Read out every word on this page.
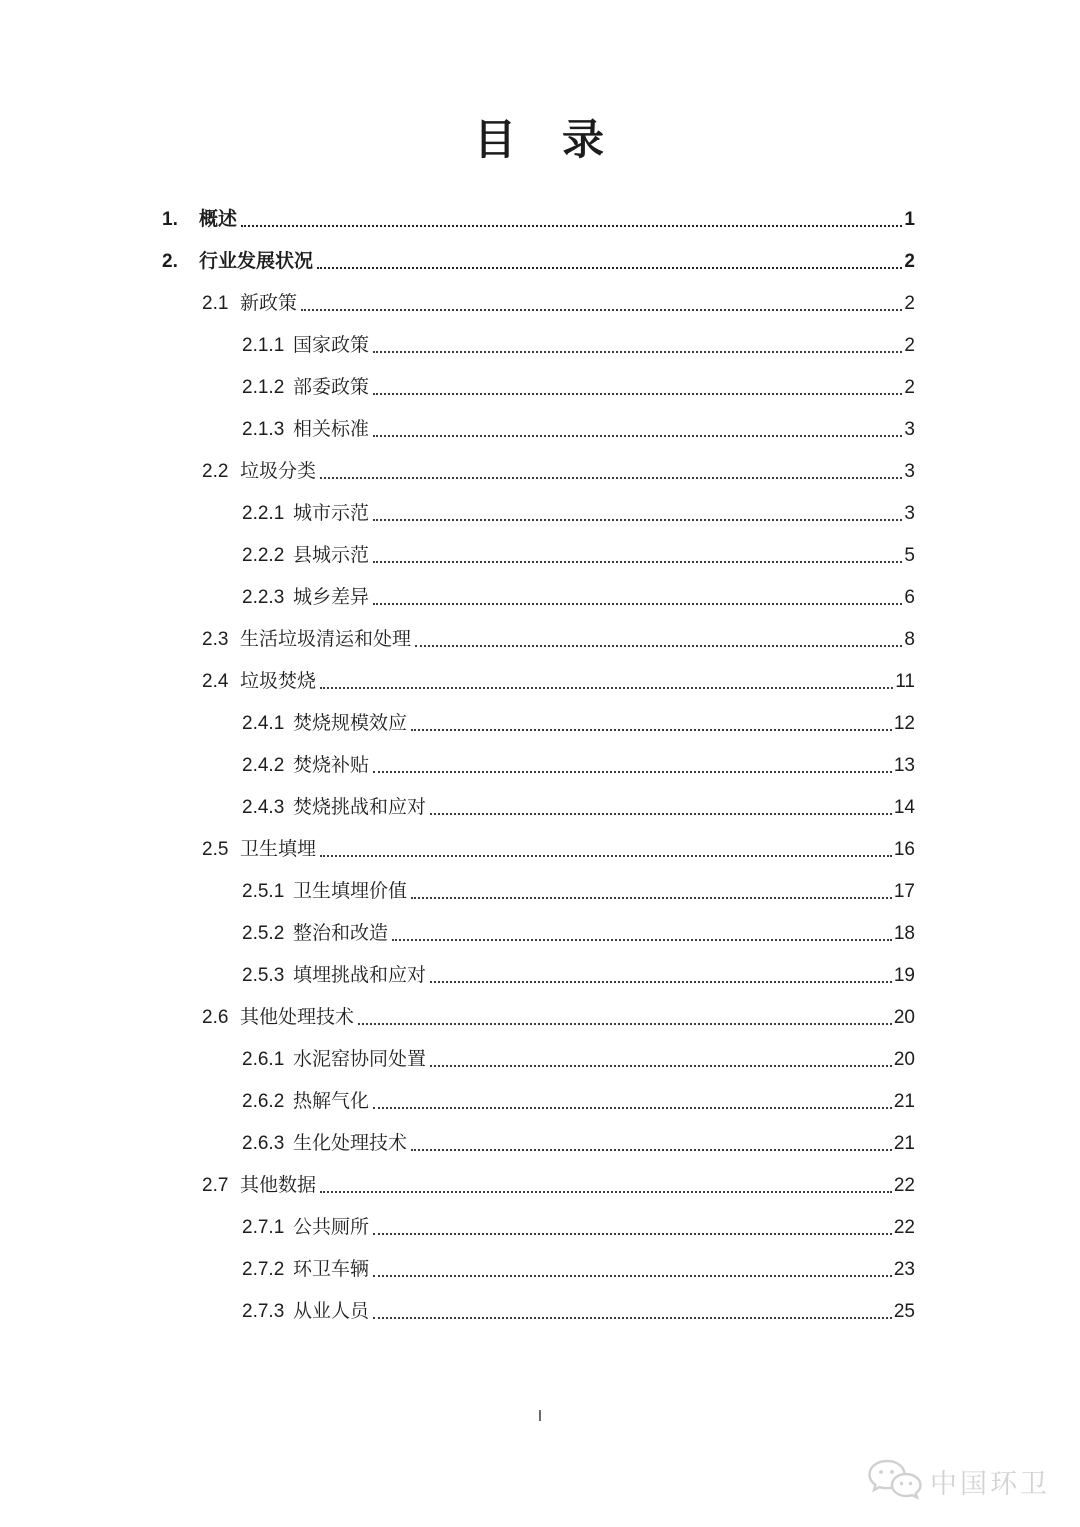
目　录
1.	概述	1
2.	行业发展状况	2
2.1 新政策	2
2.1.1 国家政策	2
2.1.2 部委政策	2
2.1.3 相关标准	3
2.2 垃圾分类	3
2.2.1 城市示范	3
2.2.2 县城示范	5
2.2.3 城乡差异	6
2.3 生活垃圾清运和处理	8
2.4 垃圾焚烧	11
2.4.1 焚烧规模效应	12
2.4.2 焚烧补贴	13
2.4.3 焚烧挑战和应对	14
2.5 卫生填埋	16
2.5.1 卫生填埋价值	17
2.5.2 整治和改造	18
2.5.3 填埋挑战和应对	19
2.6 其他处理技术	20
2.6.1 水泥窑协同处置	20
2.6.2 热解气化	21
2.6.3 生化处理技术	21
2.7 其他数据	22
2.7.1 公共厕所	22
2.7.2 环卫车辆	23
2.7.3 从业人员	25
I
中国环卫
